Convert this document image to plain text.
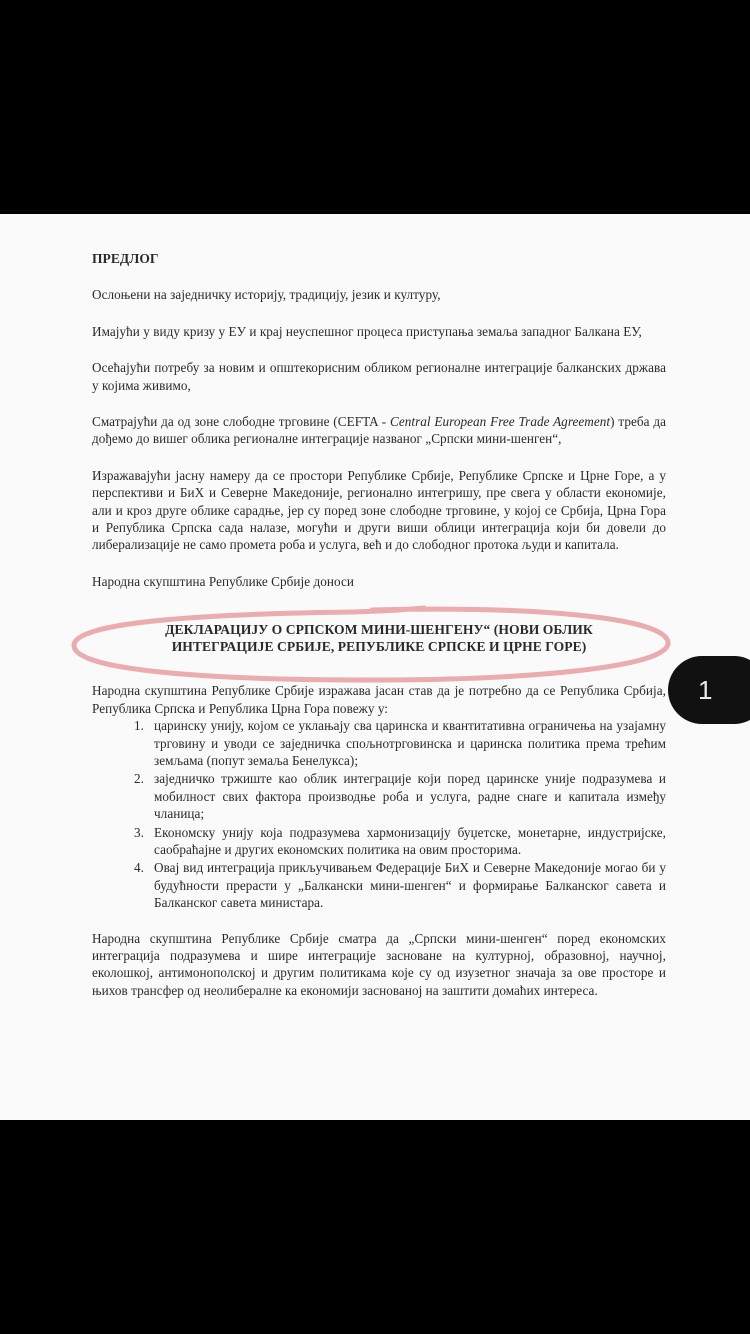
ПРЕДЛОГ

Ослоњени на заједничку историју, традицију, језик и културу,

Имајући у виду кризу у ЕУ и крај неуспешног процеса приступања земаља западног Балкана ЕУ,

Осећајући потребу за новим и општекорисним обликом регионалне интеграције балканских држава у којима живимо,

Сматрајући да од зоне слободне трговине (CEFTA - Central European Free Trade Agreement) треба да дођемо до вишег облика регионалне интеграције названог „Српски мини-шенген“,

Изражавајући јасну намеру да се простори Републике Србије, Републике Српске и Црне Горе, а у перспективи и БиХ и Северне Македоније, регионално интегришу, пре свега у области економије, али и кроз друге облике сарадње, јер су поред зоне слободне трговине, у којој се Србија, Црна Гора и Република Српска сада налазе, могући и други виши облици интеграција који би довели до либерализације не само промета роба и услуга, већ и до слободног протока људи и капитала.

Народна скупштина Републике Србије доноси

ДЕКЛАРАЦИЈУ О СРПСКОМ МИНИ-ШЕНГЕНУ“ (НОВИ ОБЛИК
ИНТЕГРАЦИЈЕ СРБИЈЕ, РЕПУБЛИКЕ СРПСКЕ И ЦРНЕ ГОРЕ)

Народна скупштина Републике Србије изражава јасан став да је потребно да се Република Србија, Република Српска и Република Црна Гора повежу у:

1. царинску унију, којом се уклањају сва царинска и квантитативна ограничења на узајамну трговину и уводи се заједничка спољнотрговинска и царинска политика према трећим земљама (попут земаља Бенелукса);
2. заједничко тржиште као облик интеграције који поред царинске уније подразумева и мобилност свих фактора производње роба и услуга, радне снаге и капитала између чланица;
3. Економску унију која подразумева хармонизацију буџетске, монетарне, индустријске, саобраћајне и других економских политика на овим просторима.
4. Овај вид интеграција прикључивањем Федерације БиХ и Северне Македоније могао би у будућности прерасти у „Балкански мини-шенген“ и формирање Балканског савета и Балканског савета министара.

Народна скупштина Републике Србије сматра да „Српски мини-шенген“ поред економских интеграција подразумева и шире интеграције засноване на културној, образовној, научној, еколошкој, антимонополској и другим политикама које су од изузетног значаја за ове просторе и њихов трансфер од неолибералне ка економији заснованој на заштити домаћих интереса.

1
